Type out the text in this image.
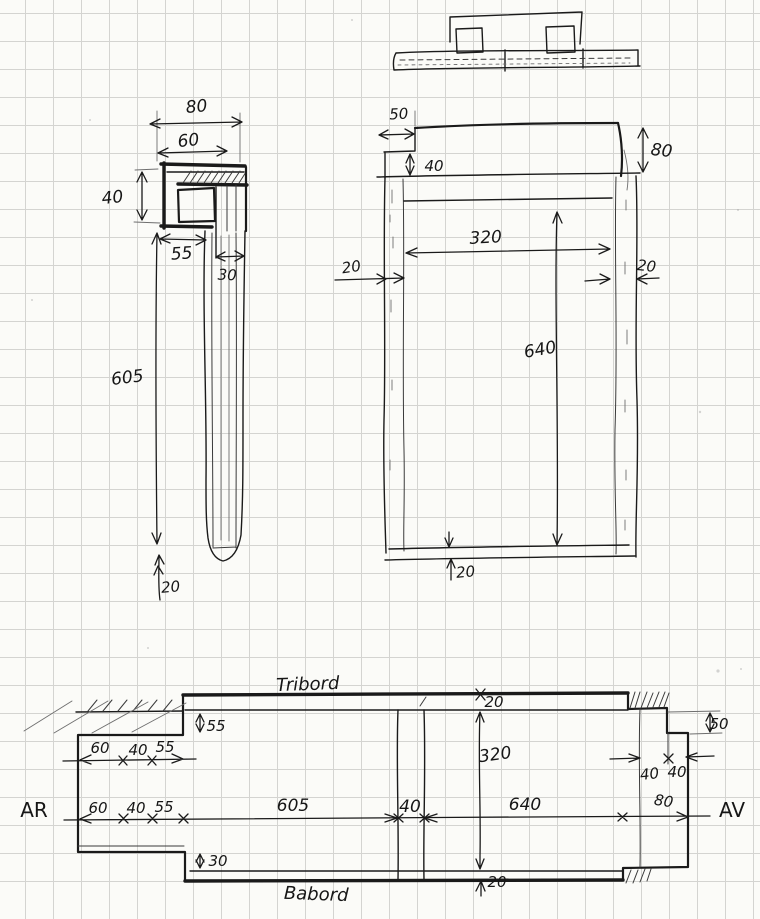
80
60
40
55
30
605
20
50
40
80
320
20	20
640
20
20
320
20
60 40 55
55
60 40 55	605	40	640	80
40 40
50
30
Tribord
Babord
AR	AV
